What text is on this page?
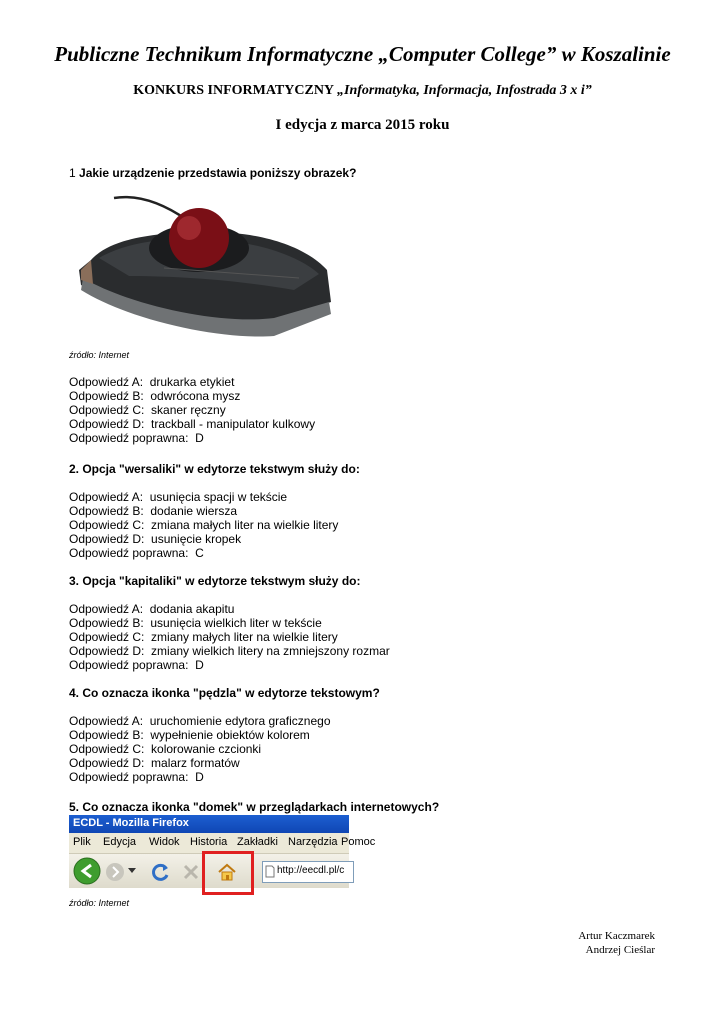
Publiczne Technikum Informatyczne „Computer College” w Koszalinie
KONKURS INFORMATYCZNY „Informatyka, Informacja, Infostrada 3 x i”
I edycja z marca 2015 roku
1 Jakie urządzenie przedstawia poniższy obrazek?
źródło: Internet
Odpowiedź A:  drukarka etykiet
Odpowiedź B:  odwrócona mysz
Odpowiedź C:  skaner ręczny
Odpowiedź D:  trackball - manipulator kulkowy
Odpowiedź poprawna:  D
2. Opcja "wersaliki" w edytorze tekstwym służy do:
Odpowiedź A:  usunięcia spacji w tekście
Odpowiedź B:  dodanie wiersza
Odpowiedź C:  zmiana małych liter na wielkie litery
Odpowiedź D:  usunięcie kropek
Odpowiedź poprawna:  C
3. Opcja "kapitaliki" w edytorze tekstwym służy do:
Odpowiedź A:  dodania akapitu
Odpowiedź B:  usunięcia wielkich liter w tekście
Odpowiedź C:  zmiany małych liter na wielkie litery
Odpowiedź D:  zmiany wielkich litery na zmniejszony rozmar
Odpowiedź poprawna:  D
4. Co oznacza ikonka "pędzla" w edytorze tekstowym?
Odpowiedź A:  uruchomienie edytora graficznego
Odpowiedź B:  wypełnienie obiektów kolorem
Odpowiedź C:  kolorowanie czcionki
Odpowiedź D:  malarz formatów
Odpowiedź poprawna:  D
5. Co oznacza ikonka "domek" w przeglądarkach internetowych?
ECDL - Mozilla Firefox
Plik Edycja Widok Historia Zakładki Narzędzia Pomoc
http://eecdl.pl/c
źródło: Internet
Artur Kaczmarek
Andrzej Cieślar
